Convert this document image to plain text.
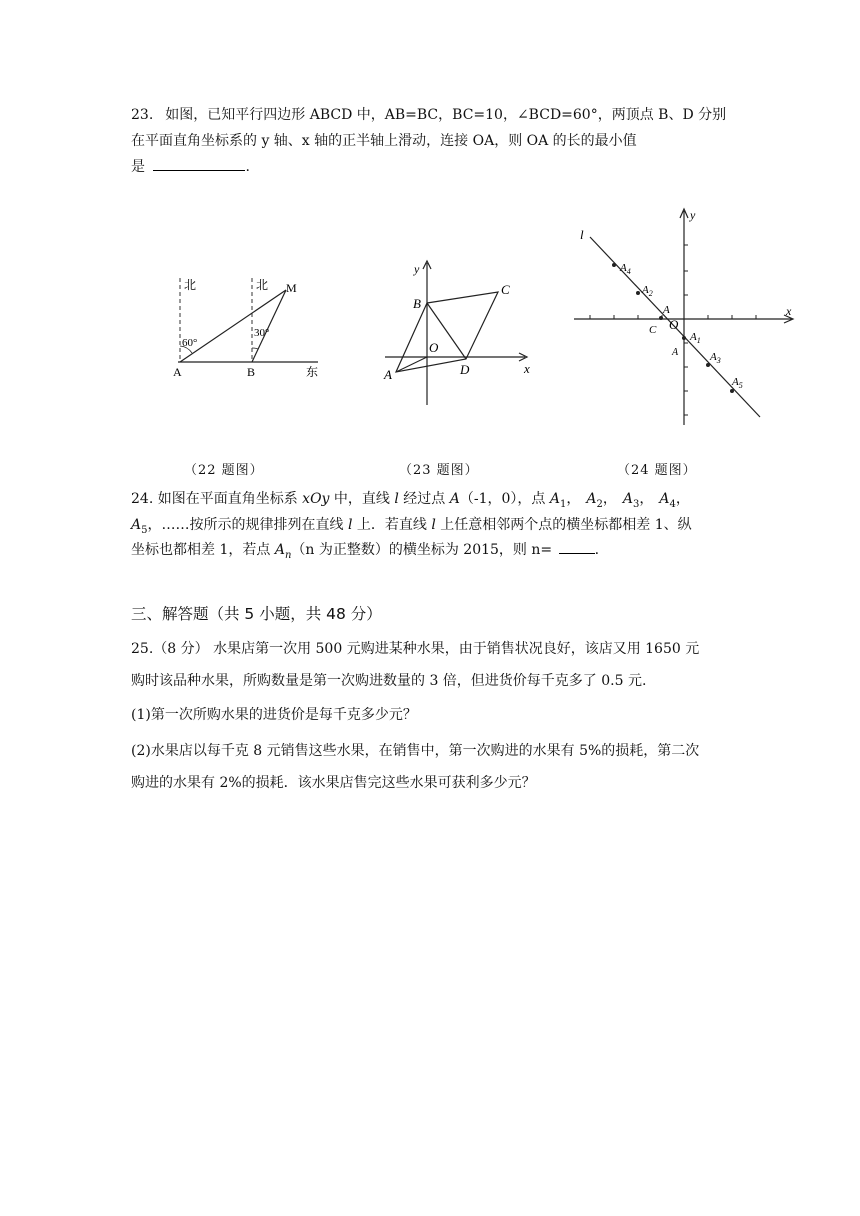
23. 如图，已知平行四边形 ABCD 中，AB=BC，BC=10，∠BCD=60°，两顶点 B、D 分别
在平面直角坐标系的 y 轴、x 轴的正半轴上滑动，连接 OA，则 OA 的长的最小值
是	.
北	北
60°
30°
A	B
M
东
y
x
B
C
O
D
A
l
y
x
$A_4$
$A_2$
A
C O
$A_1$
A	$A_3$
$A_5$
（22 题图）	（23 题图）	（24 题图）
24. 如图在平面直角坐标系 xOy 中，直线 l 经过点 A（-1，0），点 $A_1$， $A_2$， $A_3$， $A_4$，
$A_5$，……按所示的规律排列在直线 l 上．若直线 l 上任意相邻两个点的横坐标都相差 1、纵
坐标也都相差 1，若点 $A_n(n$ 为正整数）的横坐标为 2015，则 n=	.
三、解答题（共 5 小题，共 48 分）
25.（8 分） 水果店第一次用 500 元购进某种水果，由于销售状况良好，该店又用 1650 元
购时该品种水果，所购数量是第一次购进数量的 3 倍，但进货价每千克多了 0.5 元.
(1)第一次所购水果的进货价是每千克多少元？
(2)水果店以每千克 8 元销售这些水果，在销售中，第一次购进的水果有 5%的损耗，第二次
购进的水果有 2%的损耗．该水果店售完这些水果可获利多少元？
